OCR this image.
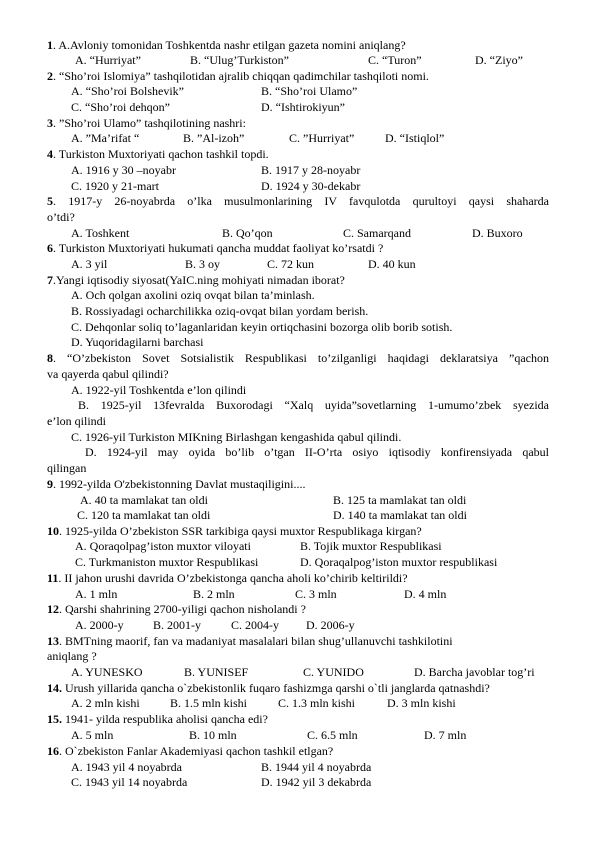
1. A.Avloniy tomonidan Toshkentda nashr etilgan gazeta nomini aniqlang?
A. “Hurriyat”	B. “Ulug’Turkiston”	C. “Turon”	D. “Ziyo”
2. “Sho’roi Islomiya” tashqilotidan ajralib chiqqan qadimchilar tashqiloti nomi.
A. “Sho’roi Bolshevik”	B. “Sho’roi Ulamo”
C. “Sho’roi dehqon”	D. “Ishtirokiyun”
3. ”Sho’roi Ulamo” tashqilotining nashri:
A. ”Ma’rifat “	B. ”Al-izoh”	C. ”Hurriyat”	D. “Istiqlol”
4. Turkiston Muxtoriyati qachon tashkil topdi.
A. 1916 y 30 –noyabr	B. 1917 y 28-noyabr
C. 1920 y 21-mart	D. 1924 y 30-dekabr
5. 1917-y 26-noyabrda o’lka musulmonlarining IV favqulotda qurultoyi qaysi shaharda
o’tdi?
A. Toshkent	B. Qo’qon	C. Samarqand	D. Buxoro
6. Turkiston Muxtoriyati hukumati qancha muddat faoliyat ko’rsatdi ?
A. 3 yil	B. 3 oy	C. 72 kun	D. 40 kun
7.Yangi iqtisodiy siyosat(YaIC.ning mohiyati nimadan iborat?
A. Och qolgan axolini oziq ovqat bilan ta’minlash.
B. Rossiyadagi ocharchilikka oziq-ovqat bilan yordam berish.
C. Dehqonlar soliq to’laganlaridan keyin ortiqchasini bozorga olib borib sotish.
D. Yuqoridagilarni barchasi
8. “O’zbekiston Sovet Sotsialistik Respublikasi to’zilganligi haqidagi deklaratsiya ”qachon
va qayerda qabul qilindi?
A. 1922-yil Toshkentda e’lon qilindi
B. 1925-yil 13fevralda Buxorodagi “Xalq uyida”sovetlarning 1-umumo’zbek syezida
e’lon qilindi
C. 1926-yil Turkiston MIKning Birlashgan kengashida qabul qilindi.
D. 1924-yil may oyida bo’lib o’tgan II-O’rta osiyo iqtisodiy konfirensiyada qabul
qilingan
9. 1992-yilda O'zbekistonning Davlat mustaqiligini....
A. 40 ta mamlakat tan oldi	B. 125 ta mamlakat tan oldi
C. 120 ta mamlakat tan oldi	D. 140 ta mamlakat tan oldi
10. 1925-yilda O’zbekiston SSR tarkibiga qaysi muxtor Respublikaga kirgan?
A. Qoraqolpag’iston muxtor viloyati	B. Tojik muxtor Respublikasi
C. Turkmaniston muxtor Respublikasi	D. Qoraqalpog’iston muxtor respublikasi
11. II jahon urushi davrida O’zbekistonga qancha aholi ko’chirib keltirildi?
A. 1 mln	B. 2 mln	C. 3 mln	D. 4 mln
12. Qarshi shahrining 2700-yiligi qachon nisholandi ?
A. 2000-y B. 2001-y	C. 2004-y D. 2006-y
13. BMTning maorif, fan va madaniyat masalalari bilan shug’ullanuvchi tashkilotini
aniqlang ?
A. YUNESKO	B. YUNISEF	C. YUNIDO	D. Barcha javoblar tog’ri
14. Urush yillarida qancha o`zbekistonlik fuqaro fashizmga qarshi o`tli janglarda qatnashdi?
A. 2 mln kishi	B. 1.5 mln kishi	C. 1.3 mln kishi	D. 3 mln kishi
15. 1941- yilda respublika aholisi qancha edi?
A. 5 mln	B. 10 mln	C. 6.5 mln	D. 7 mln
16. O`zbekiston Fanlar Akademiyasi qachon tashkil etlgan?
A. 1943 yil 4 noyabrda	B. 1944 yil 4 noyabrda
C. 1943 yil 14 noyabrda	D. 1942 yil 3 dekabrda
